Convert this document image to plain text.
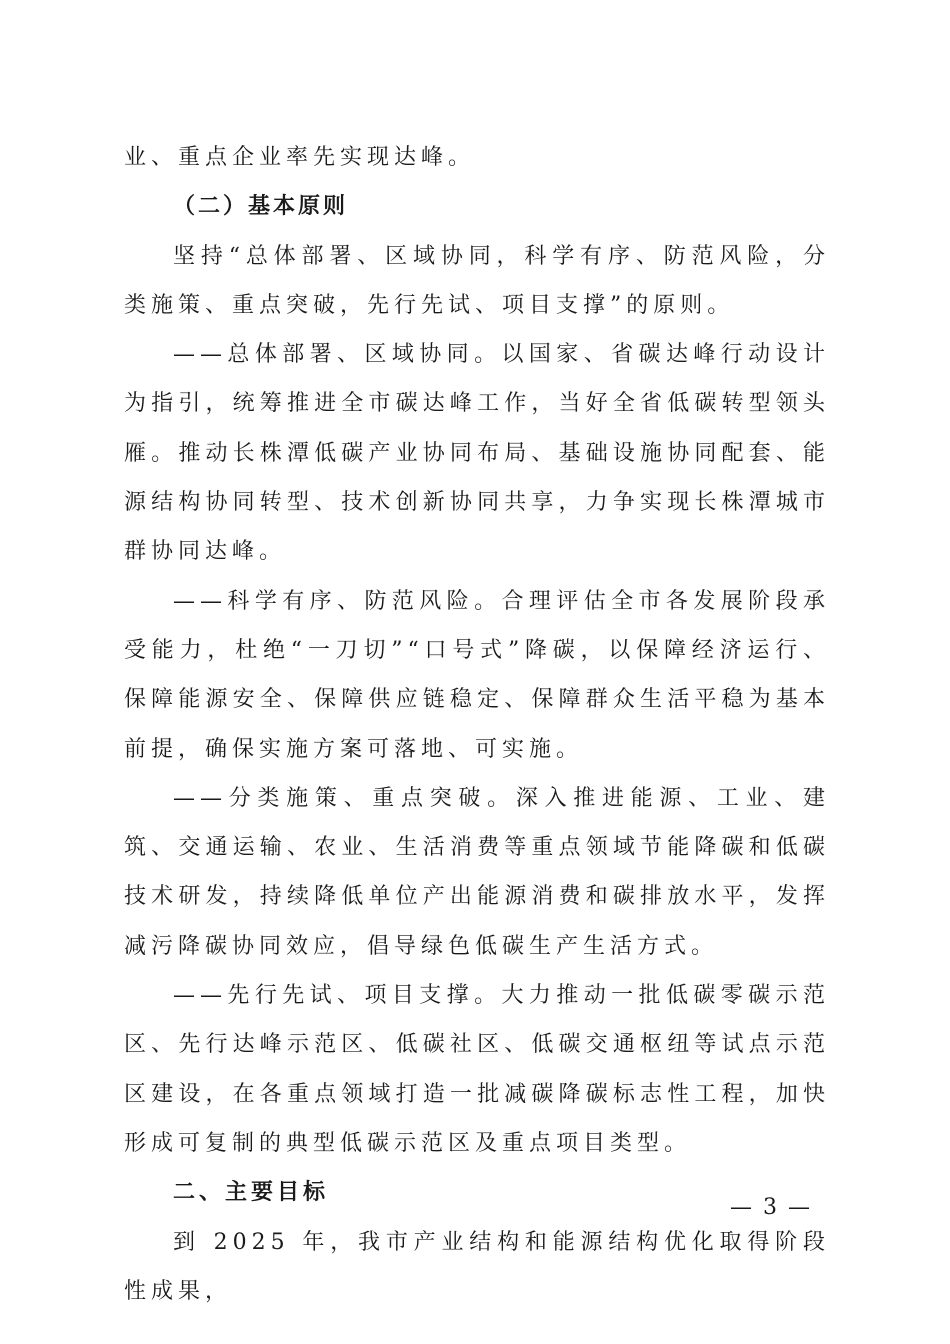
业、重点企业率先实现达峰。

（二）基本原则

坚持“总体部署、区域协同，科学有序、防范风险，分类施策、重点突破，先行先试、项目支撑”的原则。

——总体部署、区域协同。以国家、省碳达峰行动设计为指引，统筹推进全市碳达峰工作，当好全省低碳转型领头雁。推动长株潭低碳产业协同布局、基础设施协同配套、能源结构协同转型、技术创新协同共享，力争实现长株潭城市群协同达峰。

——科学有序、防范风险。合理评估全市各发展阶段承受能力，杜绝“一刀切”“口号式”降碳，以保障经济运行、保障能源安全、保障供应链稳定、保障群众生活平稳为基本前提，确保实施方案可落地、可实施。

——分类施策、重点突破。深入推进能源、工业、建筑、交通运输、农业、生活消费等重点领域节能降碳和低碳技术研发，持续降低单位产出能源消费和碳排放水平，发挥减污降碳协同效应，倡导绿色低碳生产生活方式。

——先行先试、项目支撑。大力推动一批低碳零碳示范区、先行达峰示范区、低碳社区、低碳交通枢纽等试点示范区建设，在各重点领域打造一批减碳降碳标志性工程，加快形成可复制的典型低碳示范区及重点项目类型。

二、主要目标

到 2025 年，我市产业结构和能源结构优化取得阶段性成果，

— 3 —
